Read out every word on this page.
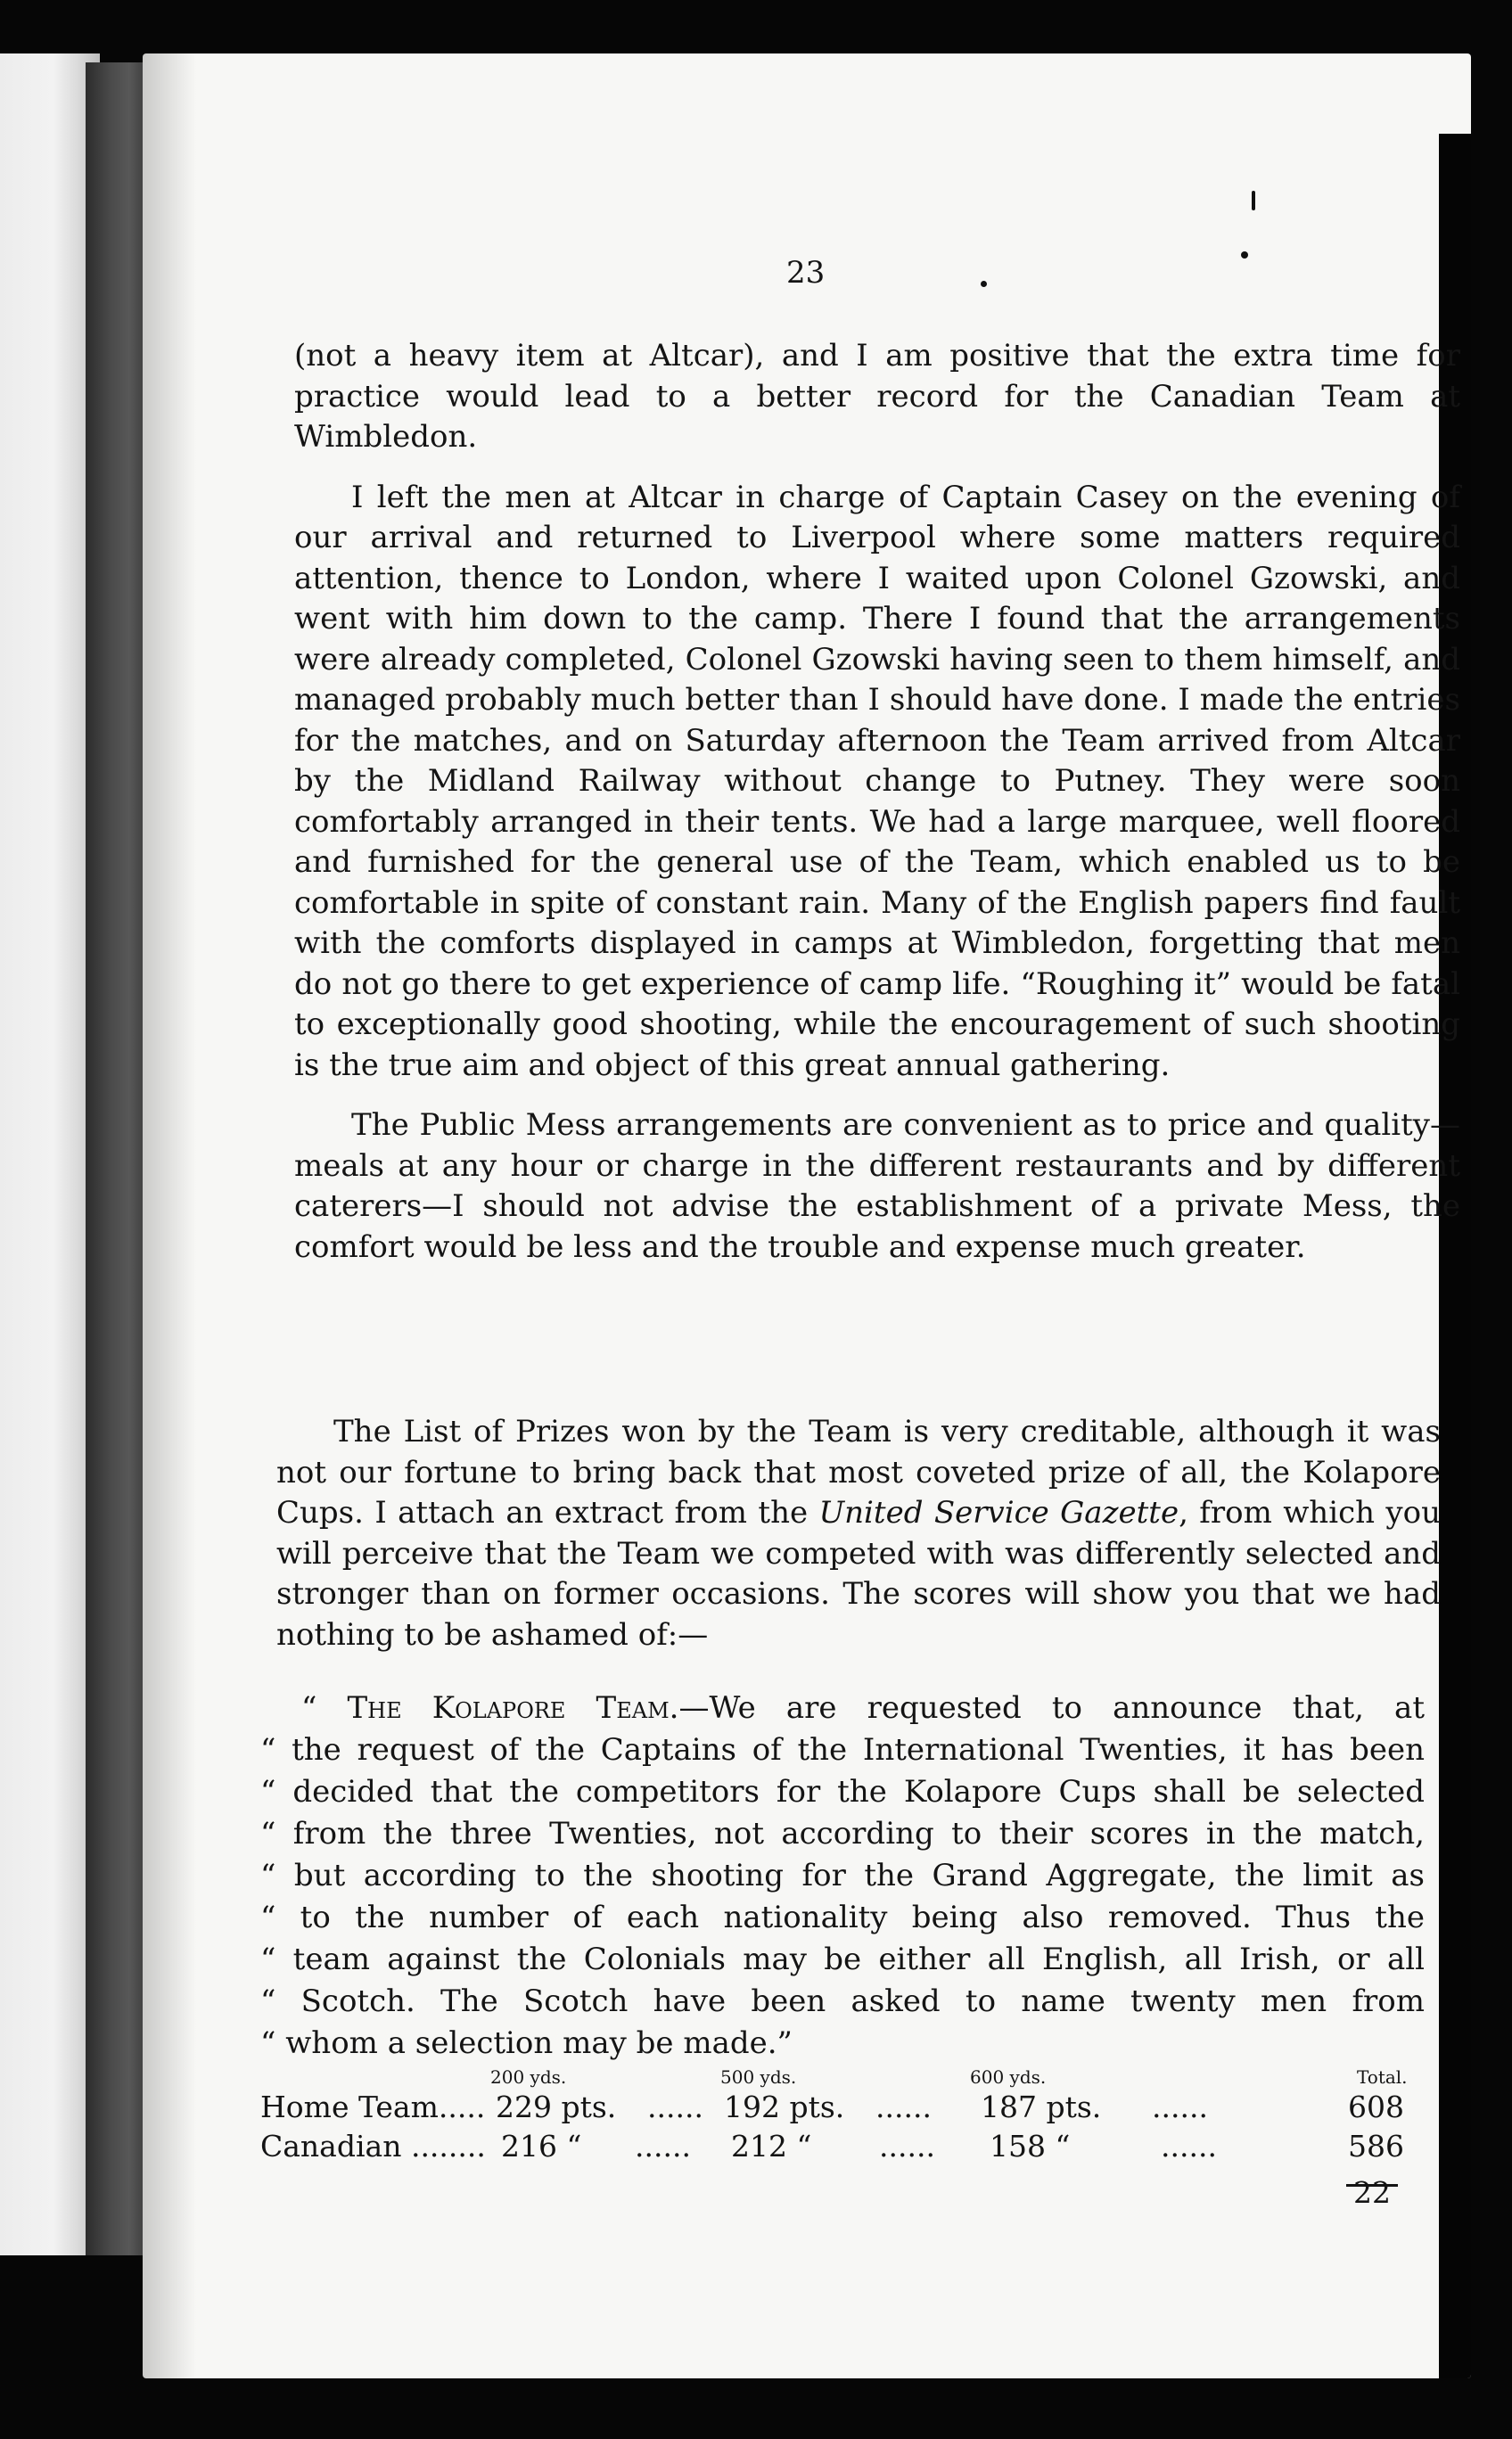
23

(not a heavy item at Altcar), and I am positive that the extra time for practice would lead to a better record for the Canadian Team at Wimbledon.

I left the men at Altcar in charge of Captain Casey on the evening of our arrival and returned to Liverpool where some matters required attention, thence to London, where I waited upon Colonel Gzowski, and went with him down to the camp. There I found that the arrangements were already completed, Colonel Gzowski having seen to them himself, and managed probably much better than I should have done. I made the entries for the matches, and on Saturday afternoon the Team arrived from Altcar by the Midland Railway without change to Putney. They were soon comfortably arranged in their tents. We had a large marquee, well floored and furnished for the general use of the Team, which enabled us to be comfortable in spite of constant rain. Many of the English papers find fault with the comforts displayed in camps at Wimbledon, forgetting that men do not go there to get experience of camp life. “Roughing it” would be fatal to exceptionally good shooting, while the encouragement of such shooting is the true aim and object of this great annual gathering.

The Public Mess arrangements are convenient as to price and quality—meals at any hour or charge in the different restaurants and by different caterers—I should not advise the establishment of a private Mess, the comfort would be less and the trouble and expense much greater.

The List of Prizes won by the Team is very creditable, although it was not our fortune to bring back that most coveted prize of all, the Kolapore Cups. I attach an extract from the United Service Gazette, from which you will perceive that the Team we competed with was differently selected and stronger than on former occasions. The scores will show you that we had nothing to be ashamed of:—

“ The Kolapore Team.—We are requested to announce that, at
“ the request of the Captains of the International Twenties, it has been
“ decided that the competitors for the Kolapore Cups shall be selected
“ from the three Twenties, not according to their scores in the match,
“ but according to the shooting for the Grand Aggregate, the limit as
“ to the number of each nationality being also removed. Thus the
“ team against the Colonials may be either all English, all Irish, or all
“ Scotch. The Scotch have been asked to name twenty men from
“ whom a selection may be made.”
200 yds.	500 yds.	600 yds.	Total.
Home Team..... 229 pts. ...... 192 pts. ...... 187 pts. ......	608
Canadian ........ 216 “ ...... 212 “ ...... 158 “	......	586
22
